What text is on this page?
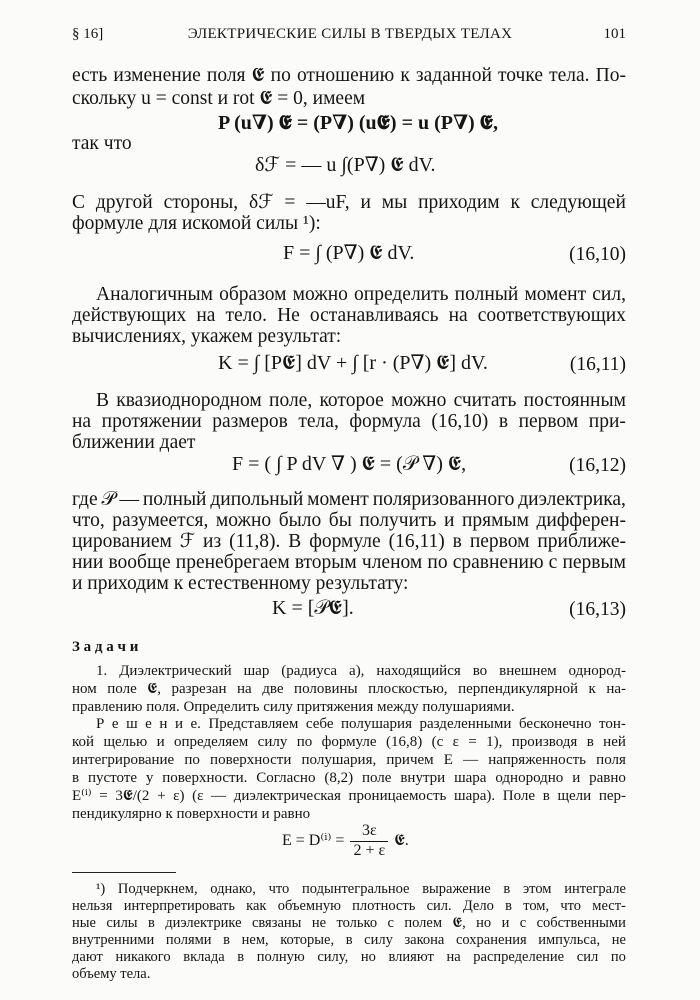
§ 16]	ЭЛЕКТРИЧЕСКИЕ СИЛЫ В ТВЕРДЫХ ТЕЛАХ	101
есть изменение поля 𝕰 по отношению к заданной точке тела. По-
скольку u = const и rot 𝕰 = 0, имеем
P (u∇) 𝕰 = (P∇) (u𝕰) = u (P∇) 𝕰,
так что
δℱ = — u ∫(P∇) 𝕰 dV.
С другой стороны, δℱ = —uF, и мы приходим к следующей
формуле для искомой силы ¹):
F = ∫ (P∇) 𝕰 dV.	(16,10)
Аналогичным образом можно определить полный момент сил,
действующих на тело. Не останавливаясь на соответствующих
вычислениях, укажем результат:
K = ∫ [P𝕰] dV + ∫ [r · (P∇) 𝕰] dV.	(16,11)
В квазиоднородном поле, которое можно считать постоянным
на протяжении размеров тела, формула (16,10) в первом при-
ближении дает
F = ( ∫ P dV ∇ ) 𝕰 = (𝒫 ∇) 𝕰,	(16,12)
где 𝒫 — полный дипольный момент поляризованного диэлектрика,
что, разумеется, можно было бы получить и прямым дифферен-
цированием ℱ из (11,8). В формуле (16,11) в первом приближе-
нии вообще пренебрегаем вторым членом по сравнению с первым
и приходим к естественному результату:
K = [𝒫𝕰].	(16,13)
З а д а ч и
1. Диэлектрический шар (радиуса a), находящийся во внешнем однород-
ном поле 𝕰, разрезан на две половины плоскостью, перпендикулярной к на-
правлению поля. Определить силу притяжения между полушариями.
Р е ш е н и е. Представляем себе полушария разделенными бесконечно тон-
кой щелью и определяем силу по формуле (16,8) (с ε = 1), производя в ней
интегрирование по поверхности полушария, причем E — напряженность поля
в пустоте у поверхности. Согласно (8,2) поле внутри шара однородно и равно
E⁽ⁱ⁾ = 3𝕰/(2 + ε) (ε — диэлектрическая проницаемость шара). Поле в щели пер-
пендикулярно к поверхности и равно
$E = D^{(i)} = \frac{3\varepsilon}{2 + \varepsilon}$ 𝕰.
¹) Подчеркнем, однако, что подынтегральное выражение в этом интеграле
нельзя интерпретировать как объемную плотность сил. Дело в том, что мест-
ные силы в диэлектрике связаны не только с полем 𝕰, но и с собственными
внутренними полями в нем, которые, в силу закона сохранения импульса, не
дают никакого вклада в полную силу, но влияют на распределение сил по
объему тела.
